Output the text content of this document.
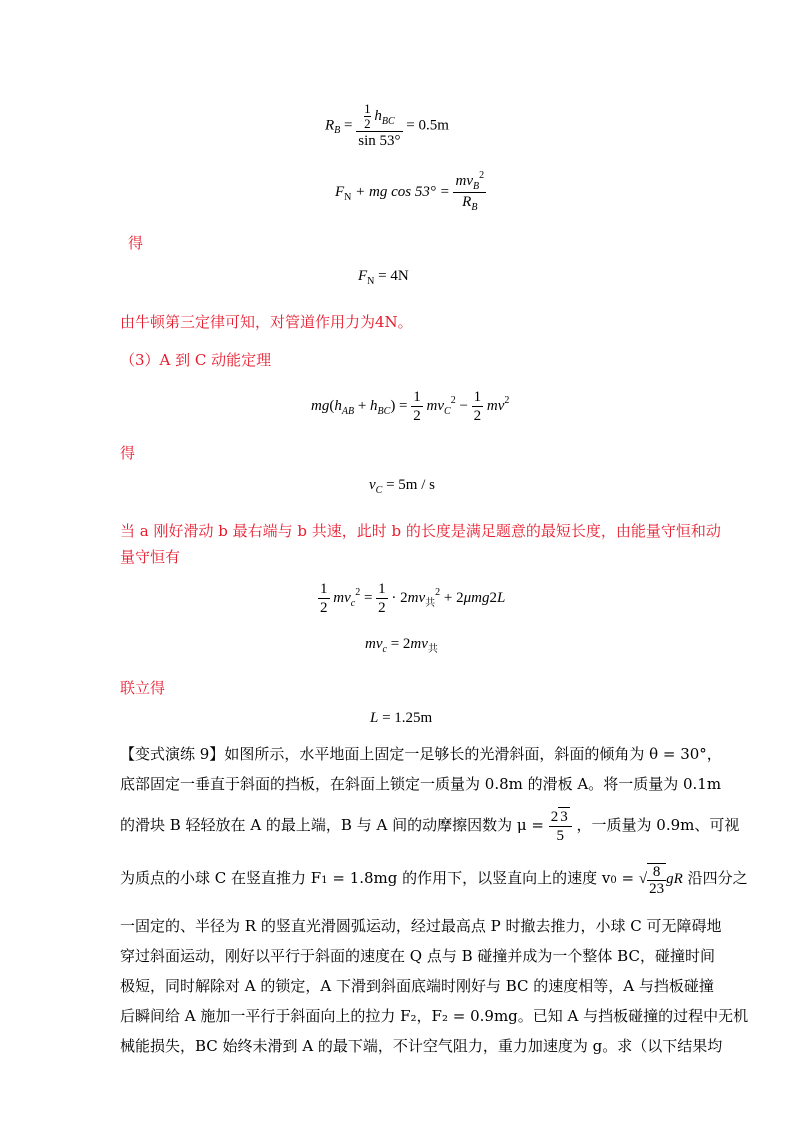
$R_B = \frac{\frac{1}{2} h_{BC}}{\sin 53^\circ} = 0.5m$
$F_N$ + mg $\cos 53^\circ = \frac{mv_B^2}{R_B}$
得
$F_N = 4N$
由牛顿第三定律可知，对管道作用力为4N。
（3）A 到 C 动能定理
$mg(h_{AB} + h_{BC}) = \frac{1}{2} mv_C^2 - \frac{1}{2} mv^2$
得
$v_C = 5m / s$
当 a 刚好滑动 b 最右端与 b 共速，此时 b 的长度是满足题意的最短长度，由能量守恒和动
量守恒有
$\frac{1}{2} mv_c^2 = \frac{1}{2} \cdot 2mv_共^2 + 2\mu mg2L$
$mv_c = 2mv_共$
联立得
L = 1.25m
【变式演练 9】如图所示，水平地面上固定一足够长的光滑斜面，斜面的倾角为 θ = 30°，
底部固定一垂直于斜面的挡板，在斜面上锁定一质量为 0.8m 的滑板 A。将一质量为 0.1m
的滑块 B 轻轻放在 A 的最上端，B 与 A 间的动摩擦因数为 $\mu = \frac{2 3}{5}$ ，一质量为 0.9m、可视
为质点的小球 C 在竖直推力 F1 = 1.8mg 的作用下，以竖直向上的速度 v0 = √ $\frac{8}{23}$ gR 沿四分之
一固定的、半径为 R 的竖直光滑圆弧运动，经过最高点 P 时撤去推力，小球 C 可无障碍地
穿过斜面运动，刚好以平行于斜面的速度在 Q 点与 B 碰撞并成为一个整体 BC，碰撞时间
极短，同时解除对 A 的锁定，A 下滑到斜面底端时刚好与 BC 的速度相等，A 与挡板碰撞
后瞬间给 A 施加一平行于斜面向上的拉力 F₂，F₂ = 0.9mg。已知 A 与挡板碰撞的过程中无机
械能损失，BC 始终未滑到 A 的最下端，不计空气阻力，重力加速度为 g。求（以下结果均
